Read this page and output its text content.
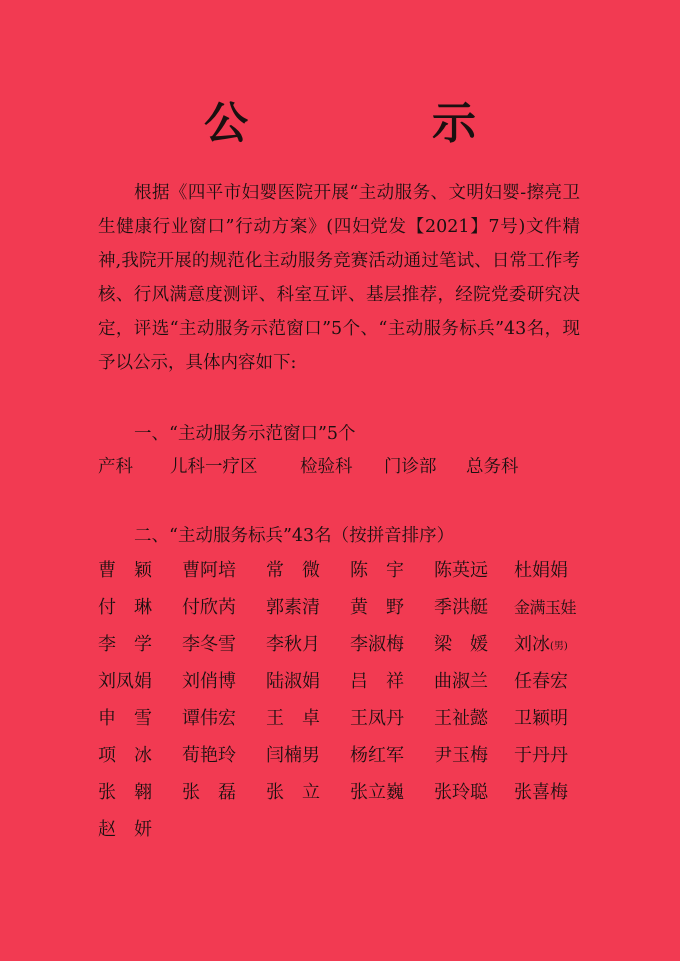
公　示
根据《四平市妇婴医院开展“主动服务、文明妇婴-擦亮卫生健康行业窗口”行动方案》(四妇党发【2021】7号)文件精神,我院开展的规范化主动服务竞赛活动通过笔试、日常工作考核、行风满意度测评、科室互评、基层推荐，经院党委研究决定，评选“主动服务示范窗口”5个、“主动服务标兵”43名，现予以公示，具体内容如下:
一、“主动服务示范窗口”5个
产科 儿科一疗区 检验科 门诊部 总务科
二、“主动服务标兵”43名（按拼音排序）
曹　颖	曹阿培	常　微	陈　宇	陈英远	杜娟娟
付　琳	付欣芮	郭素清	黄　野	季洪艇	金满玉娃
李　学	李冬雪	李秋月	李淑梅	梁　媛	刘冰(男)
刘凤娟	刘俏博	陆淑娟	吕　祥	曲淑兰	任春宏
申　雪	谭伟宏	王　卓	王凤丹	王祉懿	卫颖明
项　冰	荀艳玲	闫楠男	杨红军	尹玉梅	于丹丹
张　翱	张　磊	张　立	张立巍	张玲聪	张喜梅
赵　妍
